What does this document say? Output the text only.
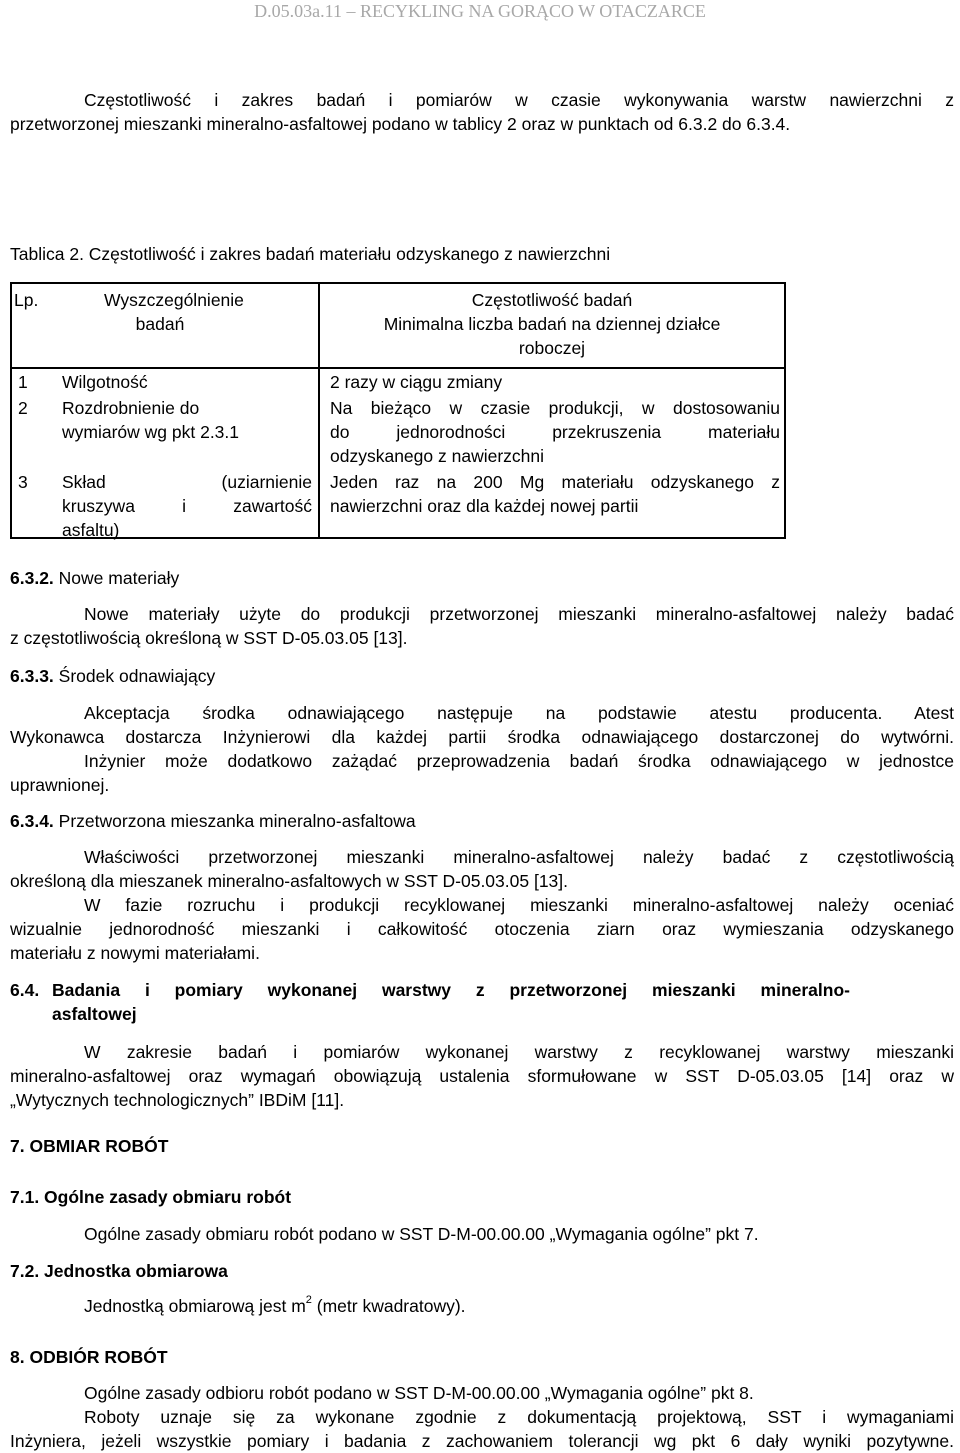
D.05.03a.11 – RECYKLING NA GORĄCO W OTACZARCE

Częstotliwość i zakres badań i pomiarów w czasie wykonywania warstw nawierzchni z

przetworzonej mieszanki mineralno-asfaltowej podano w tablicy 2 oraz w punktach od 6.3.2 do 6.3.4.

Tablica 2. Częstotliwość i zakres badań materiału odzyskanego z nawierzchni
Lp.	Wyszczególnienie
badań
Częstotliwość badań
Minimalna liczba badań na dziennej działce
roboczej
1 Wilgotność	2 razy w ciągu zmiany
2 Rozdrobnienie do
wymiarów wg pkt 2.3.1
Na bieżąco w czasie produkcji, w dostosowaniu
do jednorodności przekruszenia materiału
odzyskanego z nawierzchni
3 Skład (uziarnienie
kruszywa i zawartość
asfaltu)
Jeden raz na 200 Mg materiału odzyskanego z
nawierzchni oraz dla każdej nowej partii
6.3.2. Nowe materiały

Nowe materiały użyte do produkcji przetworzonej mieszanki mineralno-asfaltowej należy badać

z częstotliwością określoną w SST D-05.03.05 [13].

6.3.3. Środek odnawiający

Akceptacja środka odnawiającego następuje na podstawie atestu producenta. Atest

Wykonawca dostarcza Inżynierowi dla każdej partii środka odnawiającego dostarczonej do wytwórni.

Inżynier może dodatkowo zażądać przeprowadzenia badań środka odnawiającego w jednostce

uprawnionej.

6.3.4. Przetworzona mieszanka mineralno-asfaltowa

Właściwości przetworzonej mieszanki mineralno-asfaltowej należy badać z częstotliwością

określoną dla mieszanek mineralno-asfaltowych w SST D-05.03.05 [13].

W fazie rozruchu i produkcji recyklowanej mieszanki mineralno-asfaltowej należy oceniać

wizualnie jednorodność mieszanki i całkowitość otoczenia ziarn oraz wymieszania odzyskanego

materiału z nowymi materiałami.

6.4. Badania i pomiary wykonanej warstwy z przetworzonej mieszanki mineralno-

asfaltowej

W zakresie badań i pomiarów wykonanej warstwy z recyklowanej warstwy mieszanki

mineralno-asfaltowej oraz wymagań obowiązują ustalenia sformułowane w SST D-05.03.05 [14] oraz w

„Wytycznych technologicznych” IBDiM [11].

7. OBMIAR ROBÓT
7.1. Ogólne zasady obmiaru robót
Ogólne zasady obmiaru robót podano w SST D-M-00.00.00 „Wymagania ogólne” pkt 7.
7.2. Jednostka obmiarowa
Jednostką obmiarową jest $m^2$ (metr kwadratowy).
8. ODBIÓR ROBÓT

Ogólne zasady odbioru robót podano w SST D-M-00.00.00 „Wymagania ogólne” pkt 8.

Roboty uznaje się za wykonane zgodnie z dokumentacją projektową, SST i wymaganiami

Inżyniera, jeżeli wszystkie pomiary i badania z zachowaniem tolerancji wg pkt 6 dały wyniki pozytywne.
